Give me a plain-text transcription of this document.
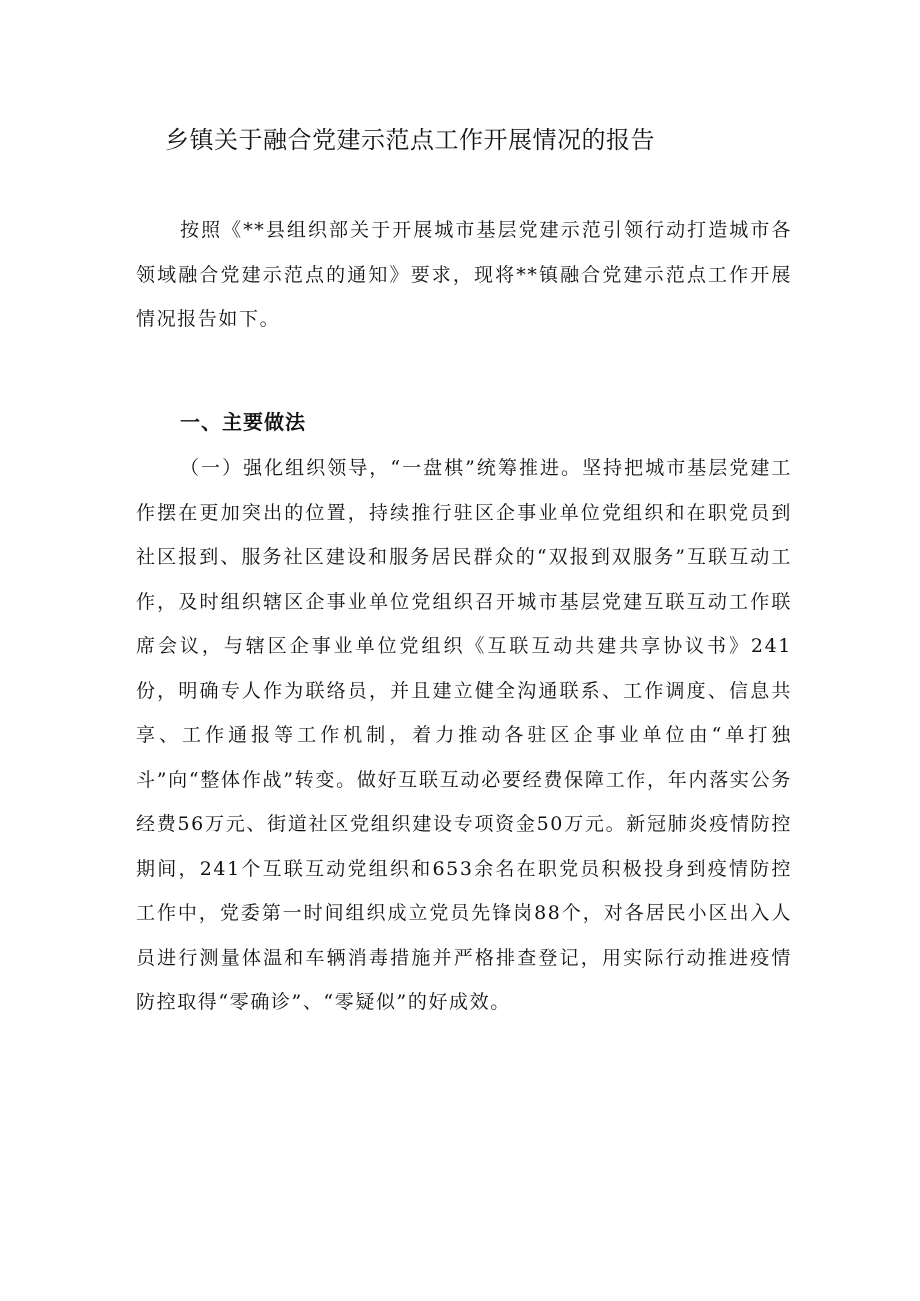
乡镇关于融合党建示范点工作开展情况的报告

按照《**县组织部关于开展城市基层党建示范引领行动打造城市各领域融合党建示范点的通知》要求，现将**镇融合党建示范点工作开展情况报告如下。

一、主要做法

（一）强化组织领导，“一盘棋”统筹推进。坚持把城市基层党建工作摆在更加突出的位置，持续推行驻区企事业单位党组织和在职党员到社区报到、服务社区建设和服务居民群众的“双报到双服务”互联互动工作，及时组织辖区企事业单位党组织召开城市基层党建互联互动工作联席会议，与辖区企事业单位党组织《互联互动共建共享协议书》241份，明确专人作为联络员，并且建立健全沟通联系、工作调度、信息共享、工作通报等工作机制，着力推动各驻区企事业单位由“单打独斗”向“整体作战”转变。做好互联互动必要经费保障工作，年内落实公务经费56万元、街道社区党组织建设专项资金50万元。新冠肺炎疫情防控期间，241个互联互动党组织和653余名在职党员积极投身到疫情防控工作中，党委第一时间组织成立党员先锋岗88个，对各居民小区出入人员进行测量体温和车辆消毒措施并严格排查登记，用实际行动推进疫情防控取得“零确诊”、“零疑似”的好成效。
